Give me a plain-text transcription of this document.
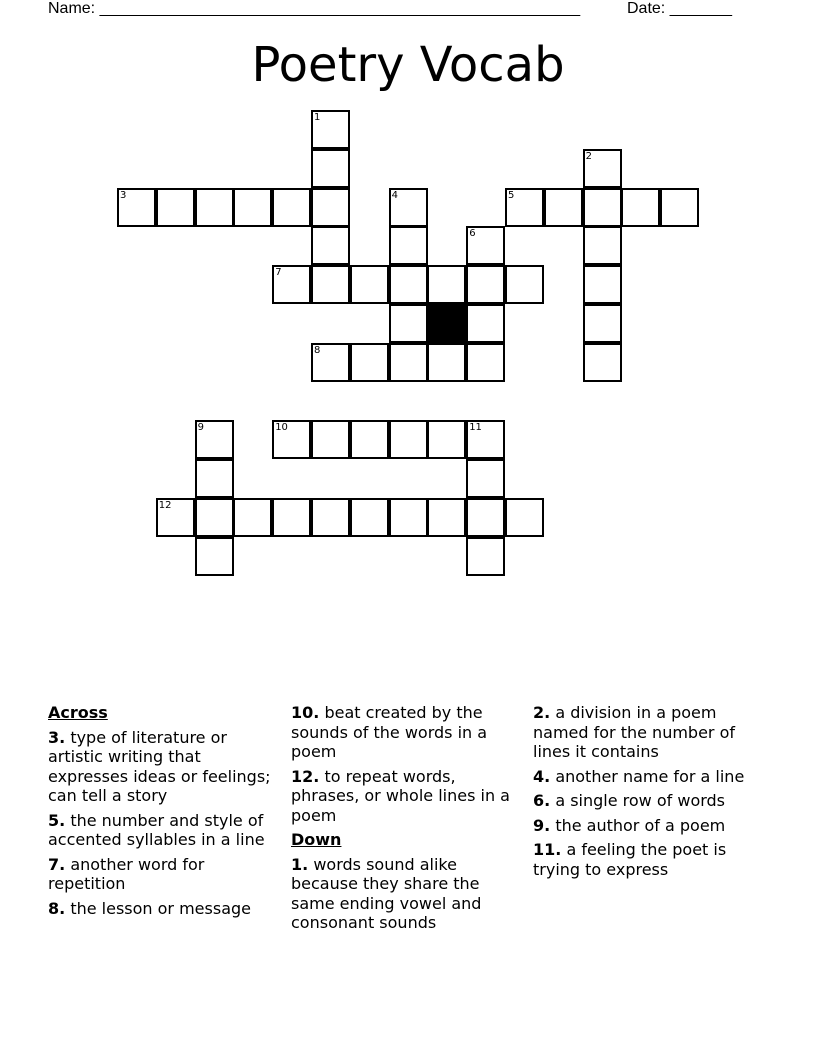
Name: ______________________________________________________	Date: _______
Poetry Vocab
1
2
3	4	5
6
7
8
9	10	11
12
Across
3. type of literature or artistic writing that expresses ideas or feelings; can tell a story
5. the number and style of accented syllables in a line
7. another word for repetition
8. the lesson or message
10. beat created by the sounds of the words in a poem
12. to repeat words, phrases, or whole lines in a poem
Down
1. words sound alike because they share the same ending vowel and consonant sounds
2. a division in a poem named for the number of lines it contains
4. another name for a line
6. a single row of words
9. the author of a poem
11. a feeling the poet is trying to express
